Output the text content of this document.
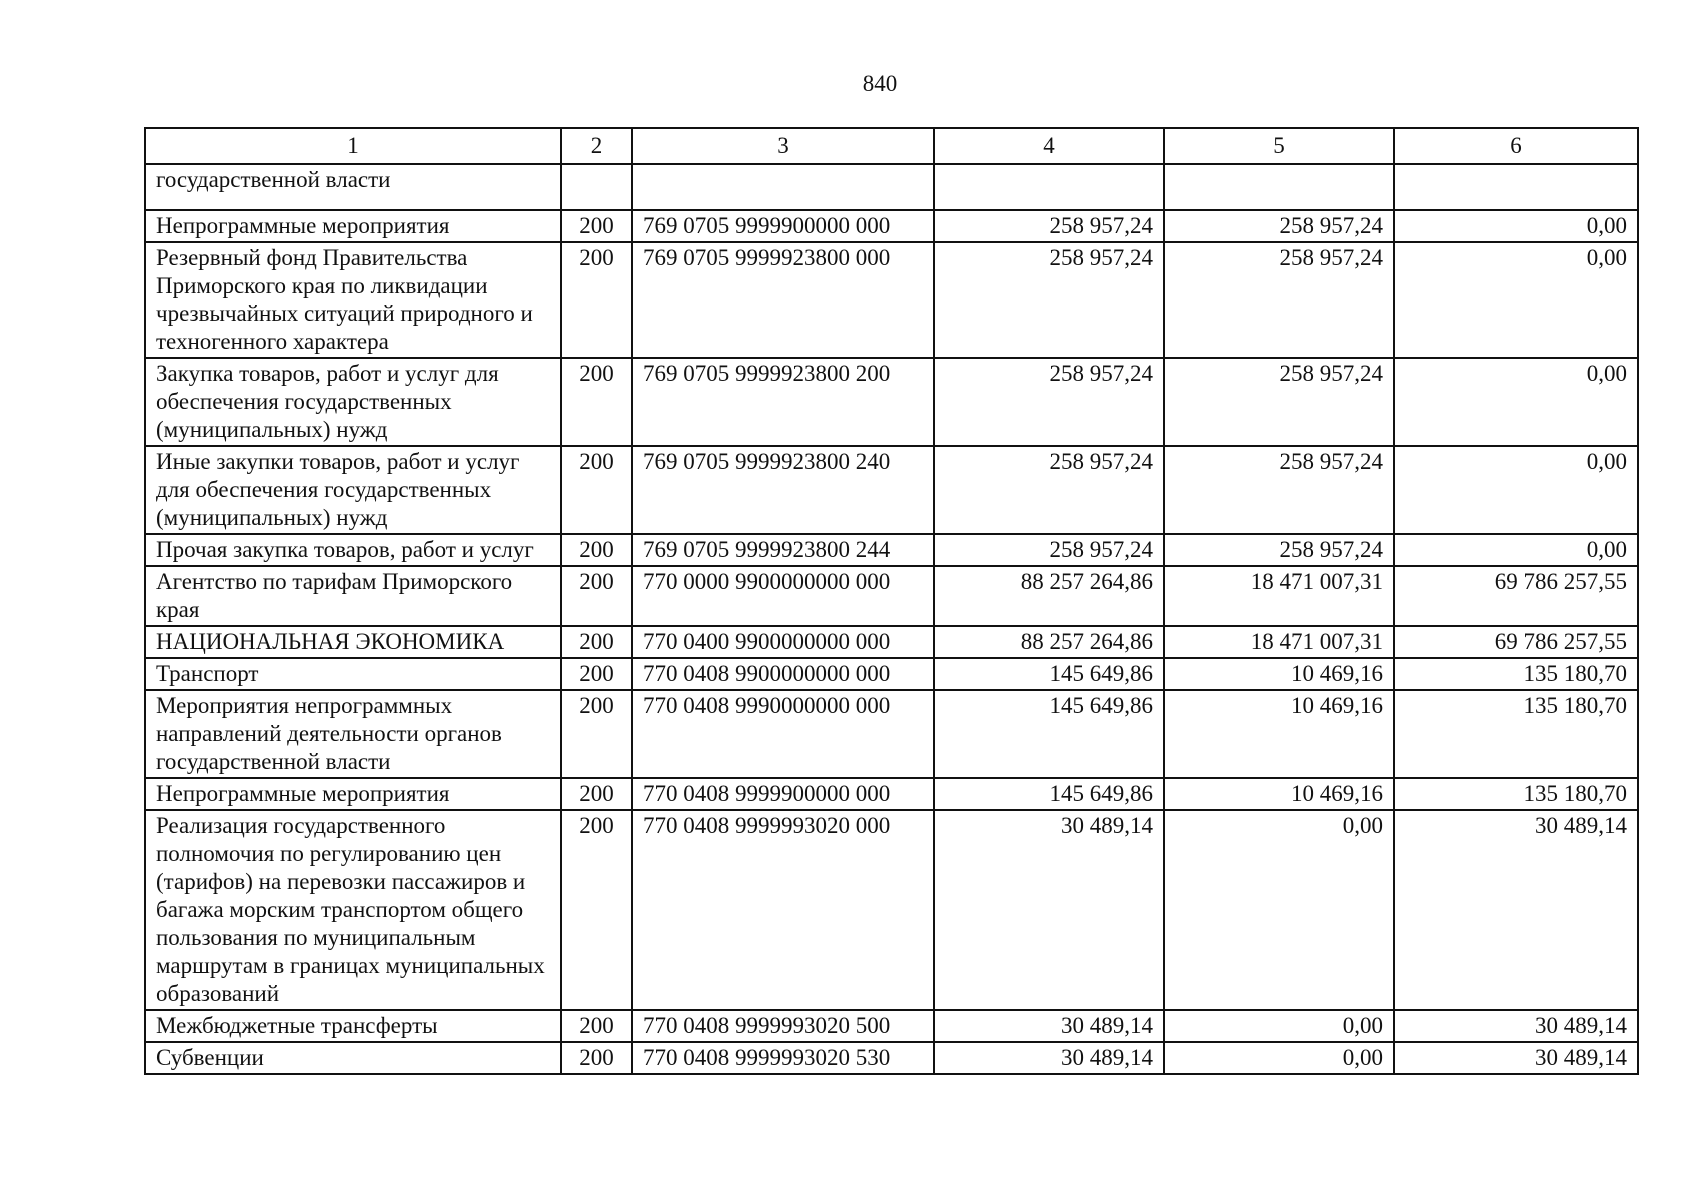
840
1	2	3	4	5	6
государственной власти					
Непрограммные мероприятия	200	769 0705 9999900000 000	258 957,24	258 957,24	0,00
Резервный фонд Правительства Приморского края по ликвидации чрезвычайных ситуаций природного и техногенного характера	200	769 0705 9999923800 000	258 957,24	258 957,24	0,00
Закупка товаров, работ и услуг для обеспечения государственных (муниципальных) нужд	200	769 0705 9999923800 200	258 957,24	258 957,24	0,00
Иные закупки товаров, работ и услуг для обеспечения государственных (муниципальных) нужд	200	769 0705 9999923800 240	258 957,24	258 957,24	0,00
Прочая закупка товаров, работ и услуг	200	769 0705 9999923800 244	258 957,24	258 957,24	0,00
Агентство по тарифам Приморского края	200	770 0000 9900000000 000	88 257 264,86	18 471 007,31	69 786 257,55
НАЦИОНАЛЬНАЯ ЭКОНОМИКА	200	770 0400 9900000000 000	88 257 264,86	18 471 007,31	69 786 257,55
Транспорт	200	770 0408 9900000000 000	145 649,86	10 469,16	135 180,70
Мероприятия непрограммных направлений деятельности органов государственной власти	200	770 0408 9990000000 000	145 649,86	10 469,16	135 180,70
Непрограммные мероприятия	200	770 0408 9999900000 000	145 649,86	10 469,16	135 180,70
Реализация государственного полномочия по регулированию цен (тарифов) на перевозки пассажиров и багажа морским транспортом общего пользования по муниципальным маршрутам в границах муниципальных образований	200	770 0408 9999993020 000	30 489,14	0,00	30 489,14
Межбюджетные трансферты	200	770 0408 9999993020 500	30 489,14	0,00	30 489,14
Субвенции	200	770 0408 9999993020 530	30 489,14	0,00	30 489,14
